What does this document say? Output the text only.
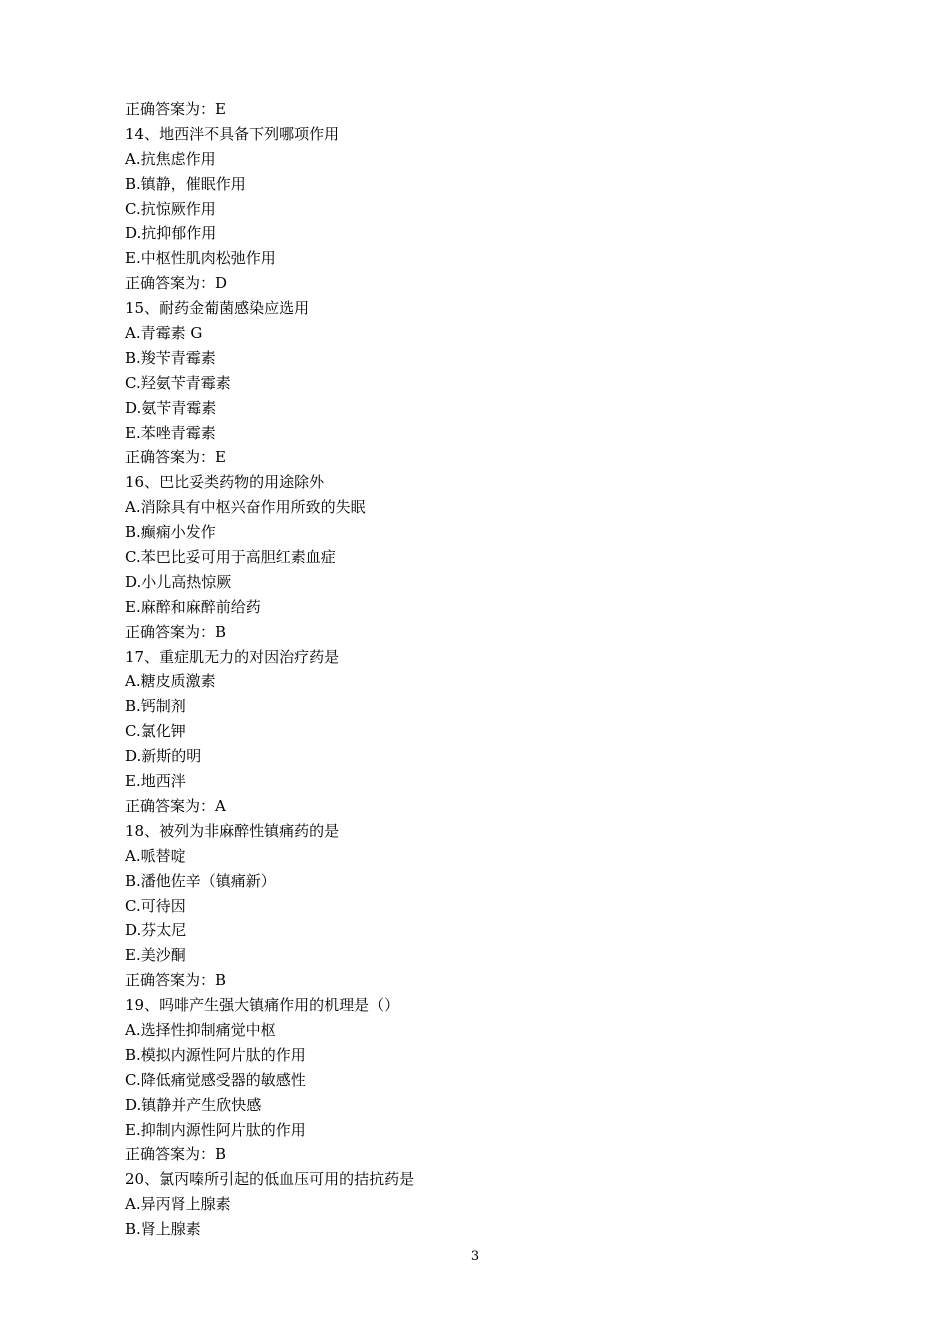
正确答案为：E
14、地西泮不具备下列哪项作用
A.抗焦虑作用
B.镇静，催眠作用
C.抗惊厥作用
D.抗抑郁作用
E.中枢性肌肉松弛作用
正确答案为：D
15、耐药金葡菌感染应选用
A.青霉素 G
B.羧苄青霉素
C.羟氨苄青霉素
D.氨苄青霉素
E.苯唑青霉素
正确答案为：E
16、巴比妥类药物的用途除外
A.消除具有中枢兴奋作用所致的失眠
B.癫痫小发作
C.苯巴比妥可用于高胆红素血症
D.小儿高热惊厥
E.麻醉和麻醉前给药
正确答案为：B
17、重症肌无力的对因治疗药是
A.糖皮质激素
B.钙制剂
C.氯化钾
D.新斯的明
E.地西泮
正确答案为：A
18、被列为非麻醉性镇痛药的是
A.哌替啶
B.潘他佐辛（镇痛新）
C.可待因
D.芬太尼
E.美沙酮
正确答案为：B
19、吗啡产生强大镇痛作用的机理是（）
A.选择性抑制痛觉中枢
B.模拟内源性阿片肽的作用
C.降低痛觉感受器的敏感性
D.镇静并产生欣快感
E.抑制内源性阿片肽的作用
正确答案为：B
20、氯丙嗪所引起的低血压可用的拮抗药是
A.异丙肾上腺素
B.肾上腺素
3
